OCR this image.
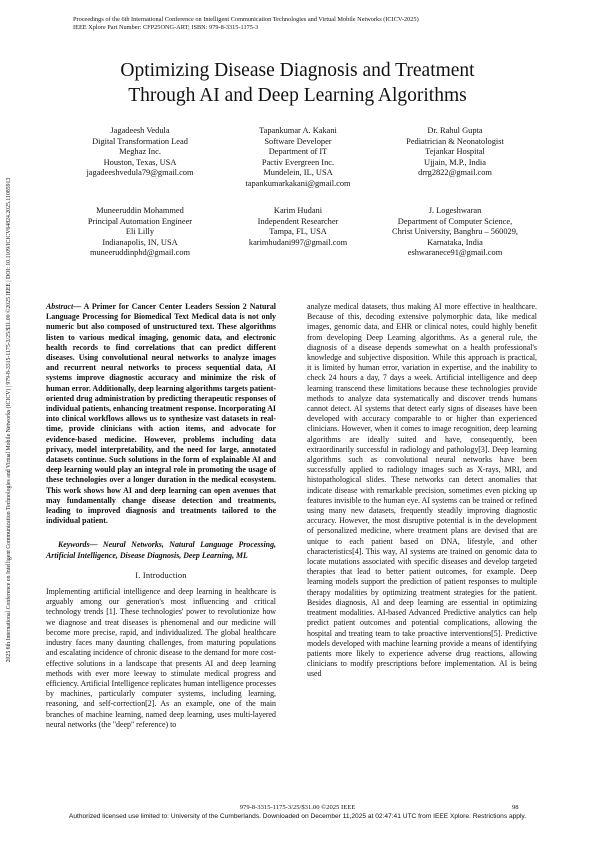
Proceedings of the 6th International Conference on Intelligent Communication Technologies and Virtual Mobile Networks (ICICV-2025)
IEEE Xplore Part Number: CFP25ONG-ART; ISBN: 979-8-3315-1175-3
2025 6th International Conference on Intelligent Communication Technologies and Virtual Mobile Networks (ICICV) | 979-8-3315-1175-3/25/$31.00 ©2025 IEEE | DOI: 10.1109/ICICV64824.2025.11085913
Optimizing Disease Diagnosis and Treatment
Through AI and Deep Learning Algorithms
Jagadeesh Vedula
Digital Transformation Lead
Meghaz Inc.
Houston, Texas, USA
jagadeeshvedula79@gmail.com
Tapankumar A. Kakani
Software Developer
Department of IT
Pactiv Evergreen Inc.
Mundelein, IL, USA
tapankumarkakani@gmail.com
Dr. Rahul Gupta
Pediatrician & Neonatologist
Tejankar Hospital
Ujjain, M.P., India
drrg2822@gmail.com
Muneeruddin Mohammed
Principal Automation Engineer
Eli Lilly
Indianapolis, IN, USA
muneeruddinphd@gmail.com
Karim Hudani
Independent Researcher
Tampa, FL, USA
karimhudani997@gmail.com
J. Logeshwaran
Department of Computer Science,
Christ University, Banghru – 560029,
Karnataka, India
eshwaranece91@gmail.com

Abstract— A Primer for Cancer Center Leaders Session 2 Natural Language Processing for Biomedical Text Medical data is not only numeric but also composed of unstructured text. These algorithms listen to various medical imaging, genomic data, and electronic health records to find correlations that can predict different diseases. Using convolutional neural networks to analyze images and recurrent neural networks to process sequential data, AI systems improve diagnostic accuracy and minimize the risk of human error. Additionally, deep learning algorithms targets patient-oriented drug administration by predicting therapeutic responses of individual patients, enhancing treatment response. Incorporating AI into clinical workflows allows us to synthesize vast datasets in real-time, provide clinicians with action items, and advocate for evidence-based medicine. However, problems including data privacy, model interpretability, and the need for large, annotated datasets continue. Such solutions in the form of explainable AI and deep learning would play an integral role in promoting the usage of these technologies over a longer duration in the medical ecosystem. This work shows how AI and deep learning can open avenues that may fundamentally change disease detection and treatments, leading to improved diagnosis and treatments tailored to the individual patient.

Keywords— Neural Networks, Natural Language Processing, Artificial Intelligence, Disease Diagnosis, Deep Learning, ML

I. Introduction

Implementing artificial intelligence and deep learning in healthcare is arguably among our generation's most influencing and critical technology trends [1]. These technologies' power to revolutionize how we diagnose and treat diseases is phenomenal and our medicine will become more precise, rapid, and individualized. The global healthcare industry faces many daunting challenges, from maturing populations and escalating incidence of chronic disease to the demand for more cost-effective solutions in a landscape that presents AI and deep learning methods with ever more leeway to stimulate medical progress and efficiency. Artificial Intelligence replicates human intelligence processes by machines, particularly computer systems, including learning, reasoning, and self-correction[2]. As an example, one of the main branches of machine learning, named deep learning, uses multi-layered neural networks (the "deep" reference) to

analyze medical datasets, thus making AI more effective in healthcare. Because of this, decoding extensive polymorphic data, like medical images, genomic data, and EHR or clinical notes, could highly benefit from developing Deep Learning algorithms. As a general rule, the diagnosis of a disease depends somewhat on a health professional's knowledge and subjective disposition. While this approach is practical, it is limited by human error, variation in expertise, and the inability to check 24 hours a day, 7 days a week. Artificial intelligence and deep learning transcend these limitations because these technologies provide methods to analyze data systematically and discover trends humans cannot detect. AI systems that detect early signs of diseases have been developed with accuracy comparable to or higher than experienced clinicians. However, when it comes to image recognition, deep learning algorithms are ideally suited and have, consequently, been extraordinarily successful in radiology and pathology[3]. Deep learning algorithms such as convolutional neural networks have been successfully applied to radiology images such as X-rays, MRI, and histopathological slides. These networks can detect anomalies that indicate disease with remarkable precision, sometimes even picking up features invisible to the human eye. AI systems can be trained or refined using many new datasets, frequently steadily improving diagnostic accuracy. However, the most disruptive potential is in the development of personalized medicine, where treatment plans are devised that are unique to each patient based on DNA, lifestyle, and other characteristics[4]. This way, AI systems are trained on genomic data to locate mutations associated with specific diseases and develop targeted therapies that lead to better patient outcomes, for example. Deep learning models support the prediction of patient responses to multiple therapy modalities by optimizing treatment strategies for the patient. Besides diagnosis, AI and deep learning are essential in optimizing treatment modalities. AI-based Advanced Predictive analytics can help predict patient outcomes and potential complications, allowing the hospital and treating team to take proactive interventions[5]. Predictive models developed with machine learning provide a means of identifying patients more likely to experience adverse drug reactions, allowing clinicians to modify prescriptions before implementation. AI is being used

979-8-3315-1175-3/25/$31.00 ©2025 IEEE	98
Authorized licensed use limited to: University of the Cumberlands. Downloaded on December 11,2025 at 02:47:41 UTC from IEEE Xplore. Restrictions apply.
